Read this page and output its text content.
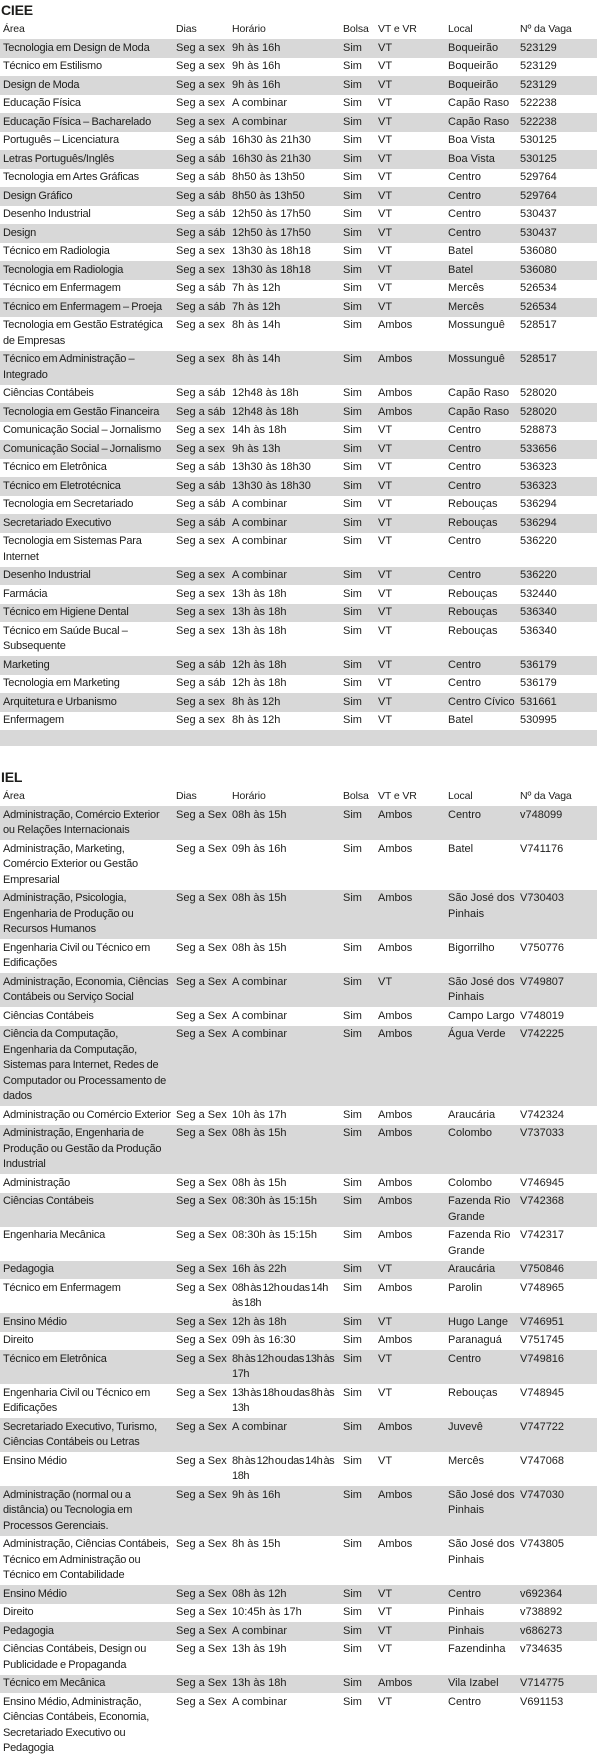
CIEE
Área	Dias	Horário	Bolsa	VT e VR	Local	Nº da Vaga
Tecnologia em Design de Moda	Seg a sex	9h às 16h	Sim	VT	Boqueirão	523129
Técnico em Estilismo	Seg a sex	9h às 16h	Sim	VT	Boqueirão	523129
Design de Moda	Seg a sex	9h às 16h	Sim	VT	Boqueirão	523129
Educação Física	Seg a sex	A combinar	Sim	VT	Capão Raso	522238
Educação Física – Bacharelado	Seg a sex	A combinar	Sim	VT	Capão Raso	522238
Português – Licenciatura	Seg a sáb	16h30 às 21h30	Sim	VT	Boa Vista	530125
Letras Português/Inglês	Seg a sáb	16h30 às 21h30	Sim	VT	Boa Vista	530125
Tecnologia em Artes Gráficas	Seg a sáb	8h50 às 13h50	Sim	VT	Centro	529764
Design Gráfico	Seg a sáb	8h50 às 13h50	Sim	VT	Centro	529764
Desenho Industrial	Seg a sáb	12h50 às 17h50	Sim	VT	Centro	530437
Design	Seg a sáb	12h50 às 17h50	Sim	VT	Centro	530437
Técnico em Radiologia	Seg a sex	13h30 às 18h18	Sim	VT	Batel	536080
Tecnologia em Radiologia	Seg a sex	13h30 às 18h18	Sim	VT	Batel	536080
Técnico em Enfermagem	Seg a sáb	7h às 12h	Sim	VT	Mercês	526534
Técnico em Enfermagem – Proeja	Seg a sáb	7h às 12h	Sim	VT	Mercês	526534
Tecnologia em Gestão Estratégica de Empresas	Seg a sex	8h às 14h	Sim	Ambos	Mossunguê	528517
Técnico em Administração – Integrado	Seg a sex	8h às 14h	Sim	Ambos	Mossunguê	528517
Ciências Contábeis	Seg a sáb	12h48 às 18h	Sim	Ambos	Capão Raso	528020
Tecnologia em Gestão Financeira	Seg a sáb	12h48 às 18h	Sim	Ambos	Capão Raso	528020
Comunicação Social – Jornalismo	Seg a sex	14h às 18h	Sim	VT	Centro	528873
Comunicação Social – Jornalismo	Seg a sex	9h às 13h	Sim	VT	Centro	533656
Técnico em Eletrônica	Seg a sáb	13h30 às 18h30	Sim	VT	Centro	536323
Técnico em Eletrotécnica	Seg a sáb	13h30 às 18h30	Sim	VT	Centro	536323
Tecnologia em Secretariado	Seg a sáb	A combinar	Sim	VT	Rebouças	536294
Secretariado Executivo	Seg a sáb	A combinar	Sim	VT	Rebouças	536294
Tecnologia em Sistemas Para Internet	Seg a sex	A combinar	Sim	VT	Centro	536220
Desenho Industrial	Seg a sex	A combinar	Sim	VT	Centro	536220
Farmácia	Seg a sex	13h às 18h	Sim	VT	Rebouças	532440
Técnico em Higiene Dental	Seg a sex	13h às 18h	Sim	VT	Rebouças	536340
Técnico em Saúde Bucal – Subsequente	Seg a sex	13h às 18h	Sim	VT	Rebouças	536340
Marketing	Seg a sáb	12h às 18h	Sim	VT	Centro	536179
Tecnologia em Marketing	Seg a sáb	12h às 18h	Sim	VT	Centro	536179
Arquitetura e Urbanismo	Seg a sex	8h às 12h	Sim	VT	Centro Cívico	531661
Enfermagem	Seg a sex	8h às 12h	Sim	VT	Batel	530995

IEL
Área	Dias	Horário	Bolsa	VT e VR	Local	Nº da Vaga
Administração, Comércio Exterior ou Relações Internacionais	Seg a Sex	08h às 15h	Sim	Ambos	Centro	v748099
Administração, Marketing, Comércio Exterior ou Gestão Empresarial	Seg a Sex	09h às 16h	Sim	Ambos	Batel	V741176
Administração, Psicologia, Engenharia de Produção ou Recursos Humanos	Seg a Sex	08h às 15h	Sim	Ambos	São José dos Pinhais	V730403
Engenharia Civil ou Técnico em Edificações	Seg a Sex	08h às 15h	Sim	Ambos	Bigorrilho	V750776
Administração, Economia, Ciências Contábeis ou Serviço Social	Seg a Sex	A combinar	Sim	VT	São José dos Pinhais	V749807
Ciências Contábeis	Seg a Sex	A combinar	Sim	Ambos	Campo Largo	V748019
Ciência da Computação, Engenharia da Computação, Sistemas para Internet, Redes de Computador ou Processamento de dados	Seg a Sex	A combinar	Sim	Ambos	Água Verde	V742225
Administração ou Comércio Exterior	Seg a Sex	10h às 17h	Sim	Ambos	Araucária	V742324
Administração, Engenharia de Produção ou Gestão da Produção Industrial	Seg a Sex	08h às 15h	Sim	Ambos	Colombo	V737033
Administração	Seg a Sex	08h às 15h	Sim	Ambos	Colombo	V746945
Ciências Contábeis	Seg a Sex	08:30h às 15:15h	Sim	Ambos	Fazenda Rio Grande	V742368
Engenharia Mecânica	Seg a Sex	08:30h às 15:15h	Sim	Ambos	Fazenda Rio Grande	V742317
Pedagogia	Seg a Sex	16h às 22h	Sim	VT	Araucária	V750846
Técnico em Enfermagem	Seg a Sex	08h às 12h ou das 14h às 18h	Sim	Ambos	Parolin	V748965
Ensino Médio	Seg a Sex	12h às 18h	Sim	VT	Hugo Lange	V746951
Direito	Seg a Sex	09h às 16:30	Sim	Ambos	Paranaguá	V751745
Técnico em Eletrônica	Seg a Sex	8h às 12h ou das 13h às 17h	Sim	VT	Centro	V749816
Engenharia Civil ou Técnico em Edificações	Seg a Sex	13h às 18h ou das 8h às 13h	Sim	VT	Rebouças	V748945
Secretariado Executivo, Turismo, Ciências Contábeis ou Letras	Seg a Sex	A combinar	Sim	Ambos	Juvevê	V747722
Ensino Médio	Seg a Sex	8h às 12h ou das 14h às 18h	Sim	VT	Mercês	V747068
Administração (normal ou a distância) ou Tecnologia em Processos Gerenciais.	Seg a Sex	9h às 16h	Sim	Ambos	São José dos Pinhais	V747030
Administração, Ciências Contábeis, Técnico em Administração ou Técnico em Contabilidade	Seg a Sex	8h às 15h	Sim	Ambos	São José dos Pinhais	V743805
Ensino Médio	Seg a Sex	08h às 12h	Sim	VT	Centro	v692364
Direito	Seg a Sex	10:45h às 17h	Sim	VT	Pinhais	v738892
Pedagogia	Seg a Sex	A combinar	Sim	VT	Pinhais	v686273
Ciências Contábeis, Design ou Publicidade e Propaganda	Seg a Sex	13h às 19h	Sim	VT	Fazendinha	v734635
Técnico em Mecânica	Seg a Sex	13h às 18h	Sim	Ambos	Vila Izabel	V714775
Ensino Médio, Administração, Ciências Contábeis, Economia, Secretariado Executivo ou Pedagogia	Seg a Sex	A combinar	Sim	VT	Centro	V691153
